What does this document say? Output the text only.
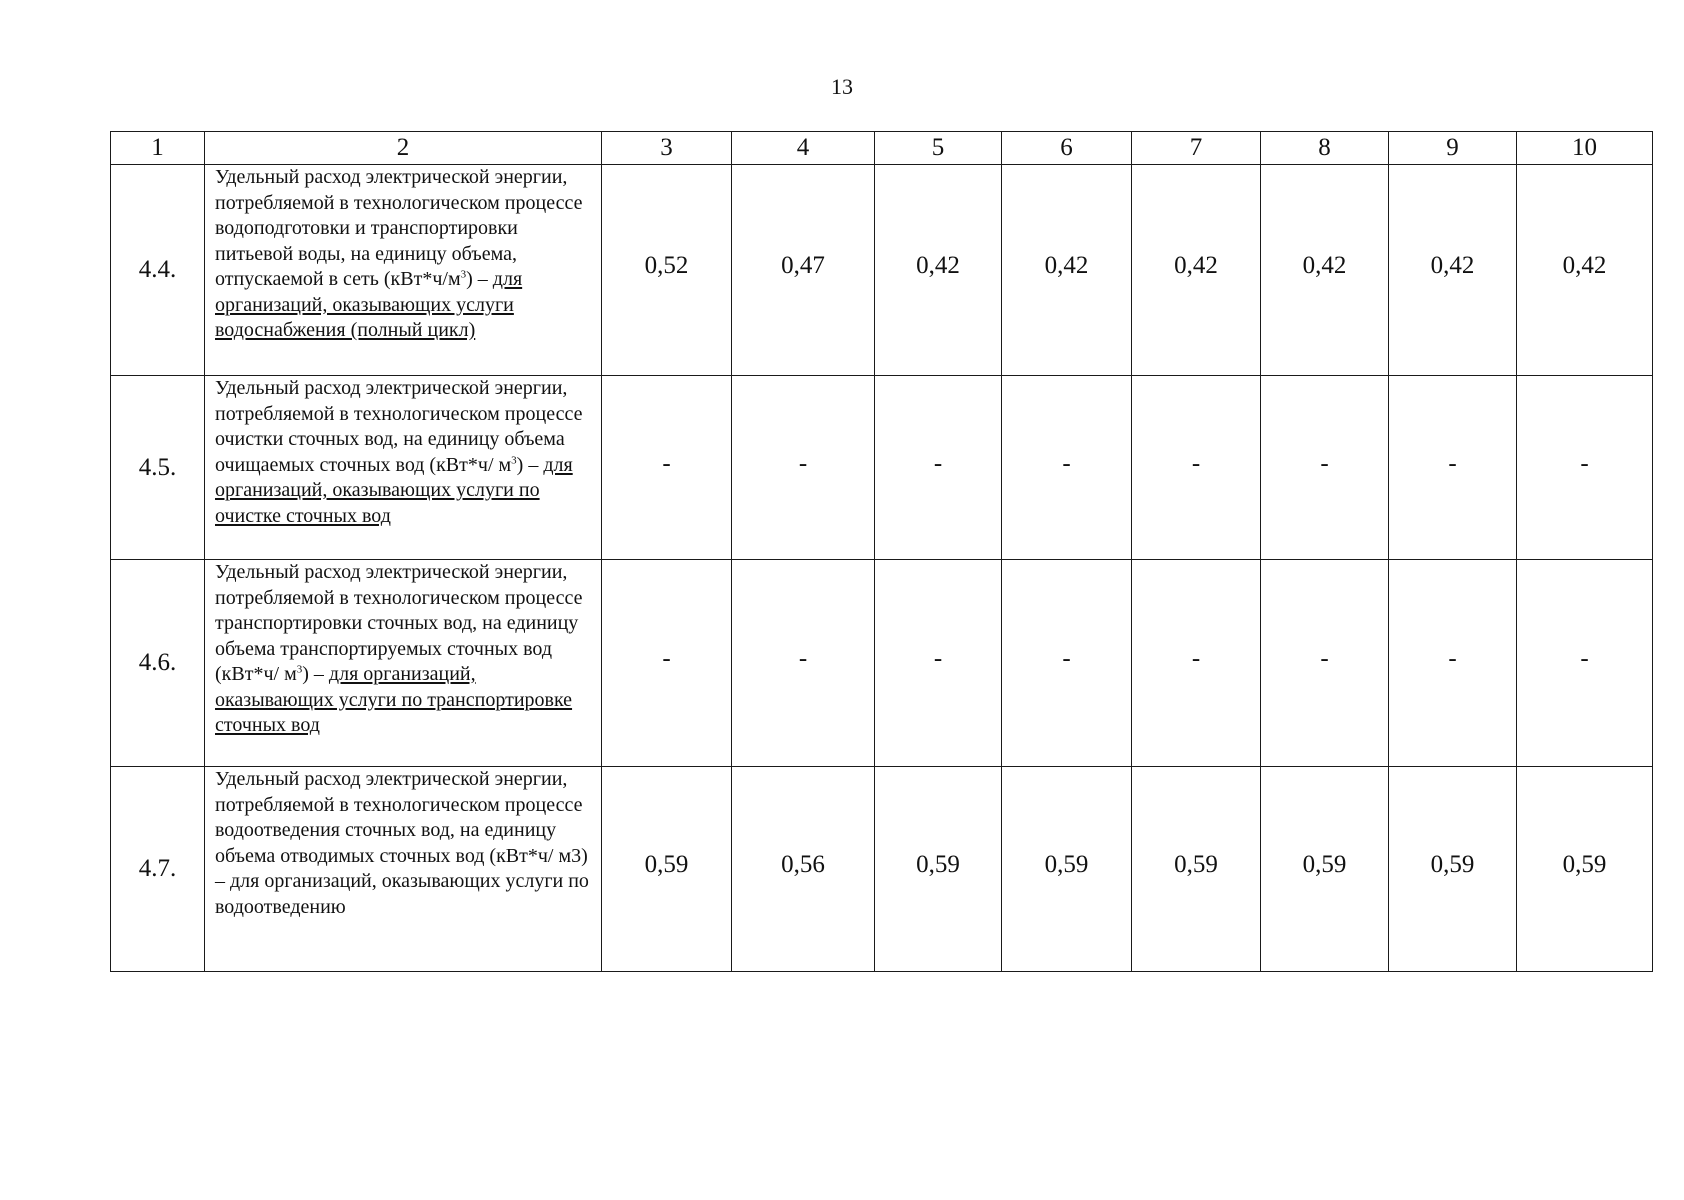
13
1	2	3	4	5	6	7	8	9	10
4.4.	Удельный расход электрической энергии, потребляемой в технологическом процессе водоподготовки и транспортировки питьевой воды, на единицу объема, отпускаемой в сеть $(кВт*ч/м^3)$ – для организаций, оказывающих услуги водоснабжения (полный цикл)	0,52	0,47	0,42	0,42	0,42	0,42	0,42	0,42
4.5.	Удельный расход электрической энергии, потребляемой в технологическом процессе очистки сточных вод, на единицу объема очищаемых сточных вод (кВт*ч/ $м^3$) – для организаций, оказывающих услуги по очистке сточных вод	-	-	-	-	-	-	-	-
4.6.	Удельный расход электрической энергии, потребляемой в технологическом процессе транспортировки сточных вод, на единицу объема транспортируемых сточных вод (кВт*ч/ $м^3$) – для организаций, оказывающих услуги по транспортировке сточных вод	-	-	-	-	-	-	-	-
4.7.	Удельный расход электрической энергии, потребляемой в технологическом процессе водоотведения сточных вод, на единицу объема отводимых сточных вод (кВт*ч/ м3) – для организаций, оказывающих услуги по водоотведению	0,59	0,56	0,59	0,59	0,59	0,59	0,59	0,59
